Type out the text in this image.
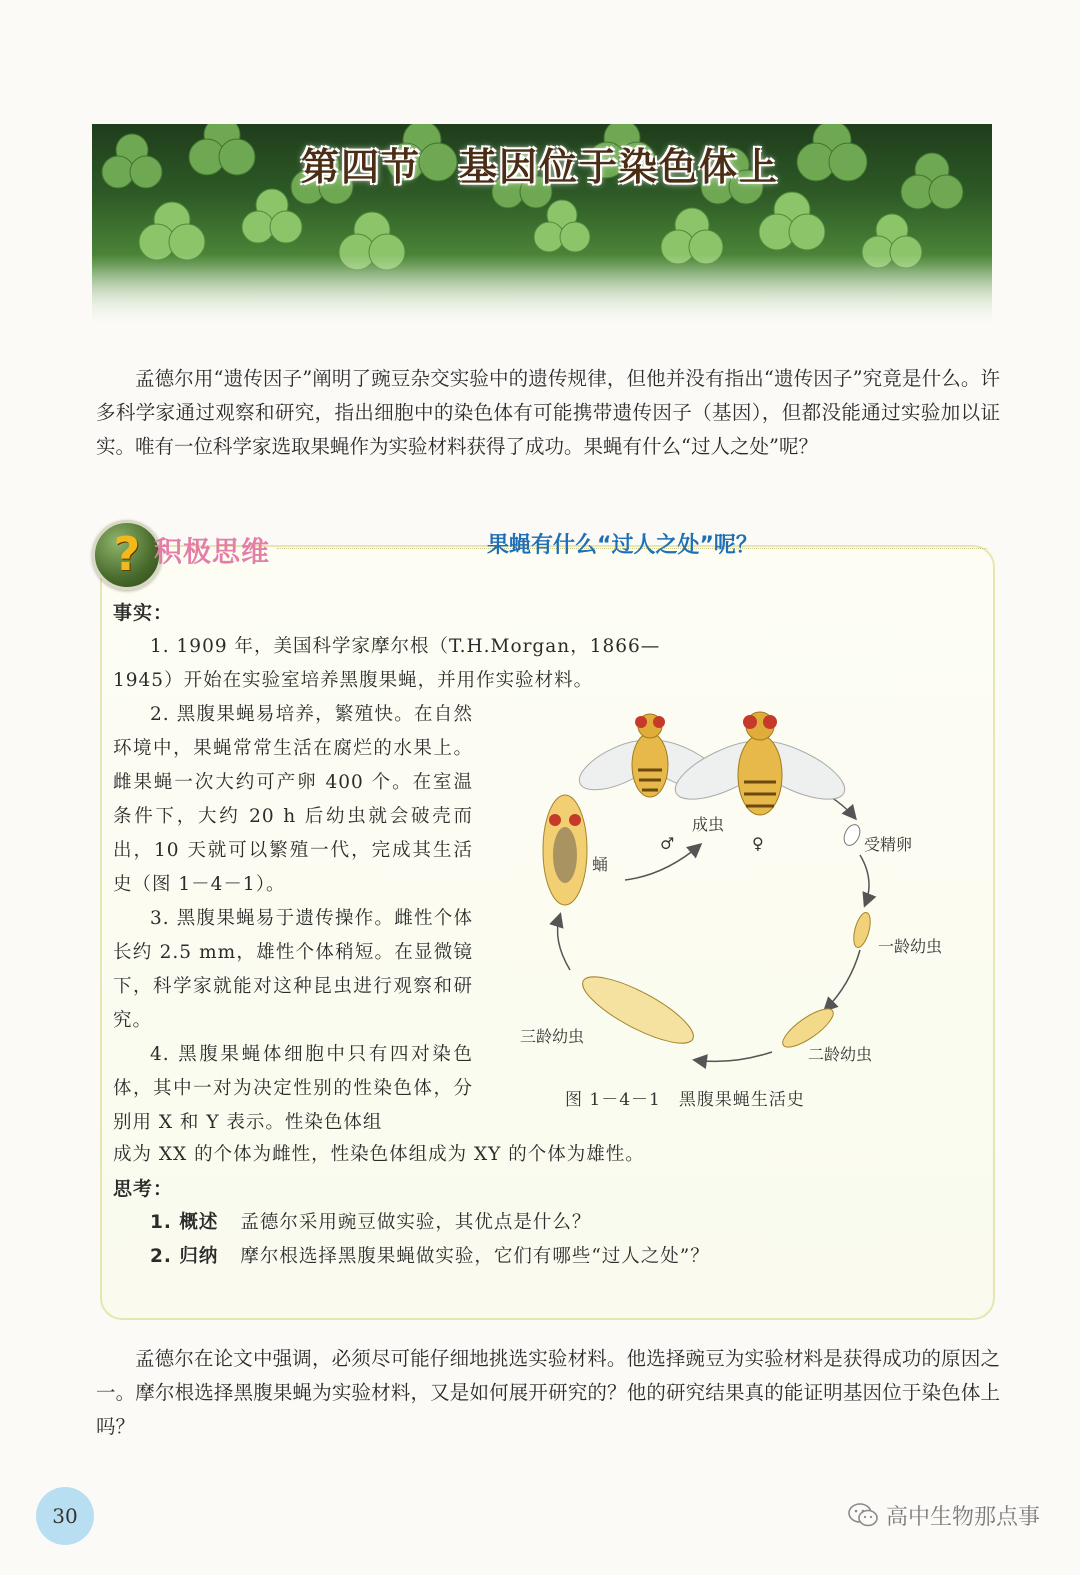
第四节 基因位于染色体上
孟德尔用“遗传因子”阐明了豌豆杂交实验中的遗传规律，但他并没有指出“遗传因子”究竟是什么。许多科学家通过观察和研究，指出细胞中的染色体有可能携带遗传因子（基因），但都没能通过实验加以证实。唯有一位科学家选取果蝇作为实验材料获得了成功。果蝇有什么“过人之处”呢？
? 积极思维	果蝇有什么“过人之处”呢？
事实：
1. 1909 年，美国科学家摩尔根（T.H.Morgan，1866—1945）开始在实验室培养黑腹果蝇，并用作实验材料。
2. 黑腹果蝇易培养，繁殖快。在自然环境中，果蝇常常生活在腐烂的水果上。雌果蝇一次大约可产卵 400 个。在室温条件下，大约 20 h 后幼虫就会破壳而出，10 天就可以繁殖一代，完成其生活史（图 1－4－1）。
3. 黑腹果蝇易于遗传操作。雌性个体长约 2.5 mm，雄性个体稍短。在显微镜下，科学家就能对这种昆虫进行观察和研究。
4. 黑腹果蝇体细胞中只有四对染色体，其中一对为决定性别的性染色体，分别用 X 和 Y 表示。性染色体组
成为 XX 的个体为雌性，性染色体组成为 XY 的个体为雄性。
思考：
1. 概述 孟德尔采用豌豆做实验，其优点是什么？
2. 归纳 摩尔根选择黑腹果蝇做实验，它们有哪些“过人之处”？
成虫
♂	♀	受精卵
一龄幼虫
二龄幼虫
三龄幼虫
蛹
图 1－4－1 黑腹果蝇生活史
孟德尔在论文中强调，必须尽可能仔细地挑选实验材料。他选择豌豆为实验材料是获得成功的原因之一。摩尔根选择黑腹果蝇为实验材料，又是如何展开研究的？他的研究结果真的能证明基因位于染色体上吗？
30	高中生物那点事
